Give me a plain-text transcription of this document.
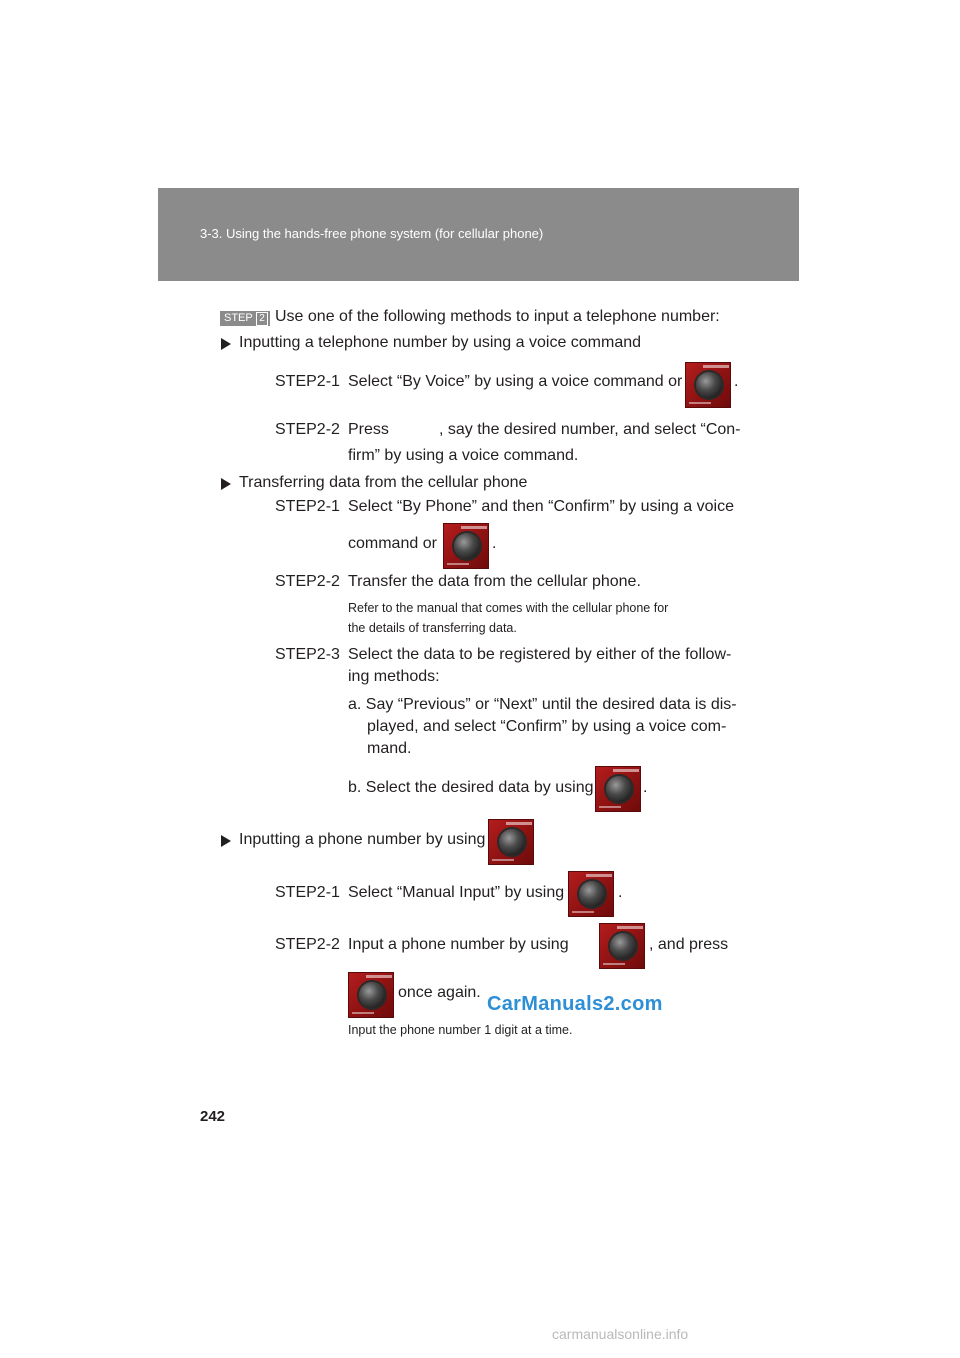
3-3. Using the hands-free phone system (for cellular phone)
STEP 2 Use one of the following methods to input a telephone number:
Inputting a telephone number by using a voice command
STEP2-1 Select “By Voice” by using a voice command or	.
STEP2-2 Press	, say the desired number, and select “Con-
firm” by using a voice command.
Transferring data from the cellular phone
STEP2-1 Select “By Phone” and then “Confirm” by using a voice
command or	.
STEP2-2 Transfer the data from the cellular phone.
Refer to the manual that comes with the cellular phone for
the details of transferring data.
STEP2-3 Select the data to be registered by either of the follow-
ing methods:
a. Say “Previous” or “Next” until the desired data is dis-
played, and select “Confirm” by using a voice com-
mand.
b. Select the desired data by using	.
Inputting a phone number by using
STEP2-1 Select “Manual Input” by using	.
STEP2-2 Input a phone number by using	, and press
once again.
Input the phone number 1 digit at a time.
CarManuals2.com
242
carmanualsonline.info
